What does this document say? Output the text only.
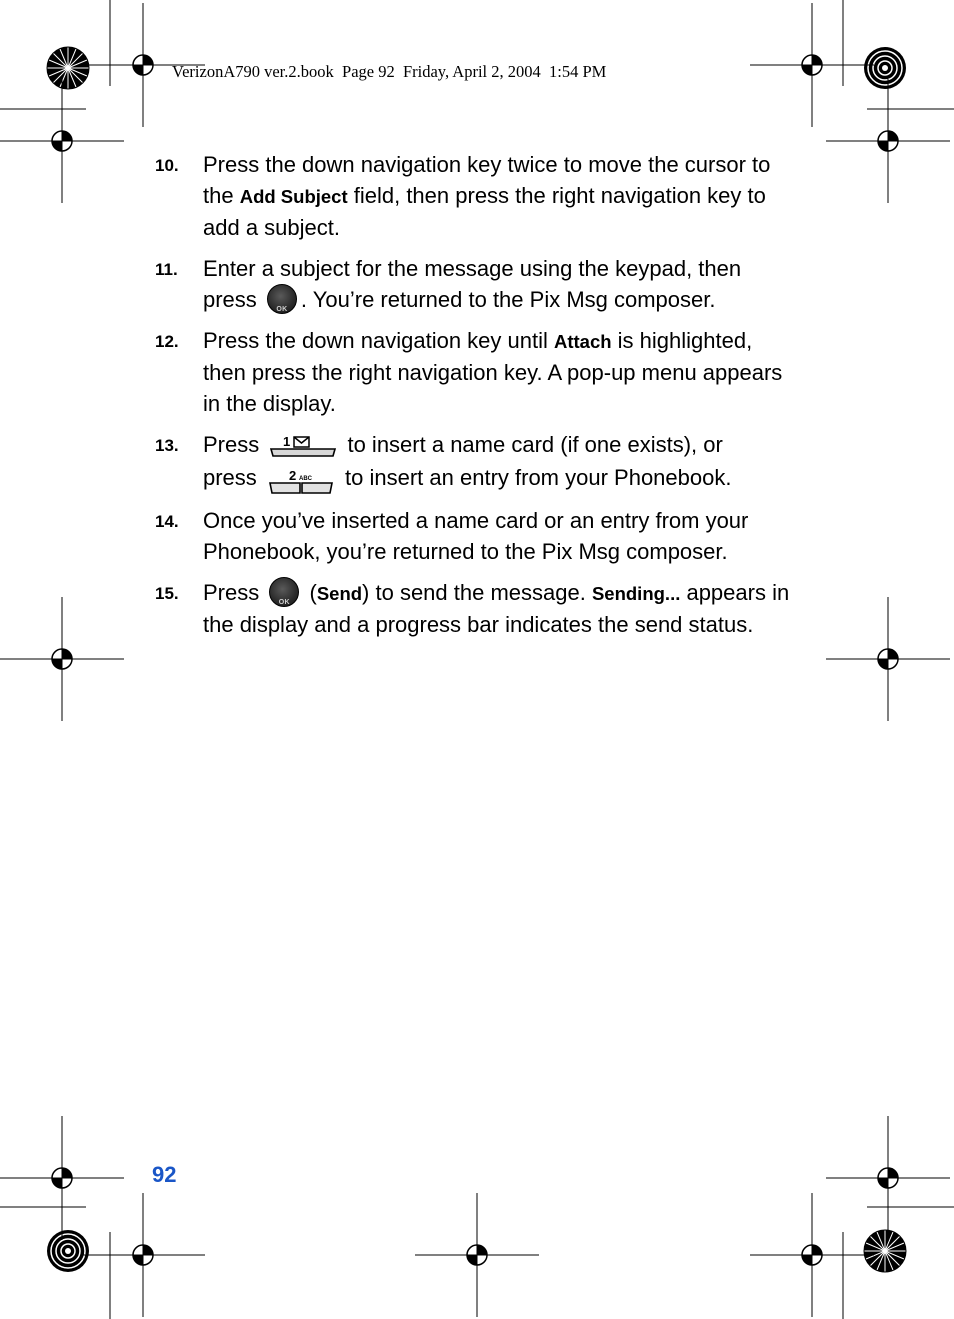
VerizonA790 ver.2.book  Page 92  Friday, April 2, 2004  1:54 PM
10. Press the down navigation key twice to move the cursor to the Add Subject field, then press the right navigation key to add a subject.
11. Enter a subject for the message using the keypad, then press	OK . You’re returned to the Pix Msg composer.
12. Press the down navigation key until Attach is highlighted, then press the right navigation key. A pop-up menu appears in the display.
13. Press 1 to insert a name card (if one exists), or
press 2 ABC to insert an entry from your Phonebook.
14. Once you’ve inserted a name card or an entry from your Phonebook, you’re returned to the Pix Msg composer.
15. Press	OK (Send) to send the message. Sending... appears in the display and a progress bar indicates the send status.
92
